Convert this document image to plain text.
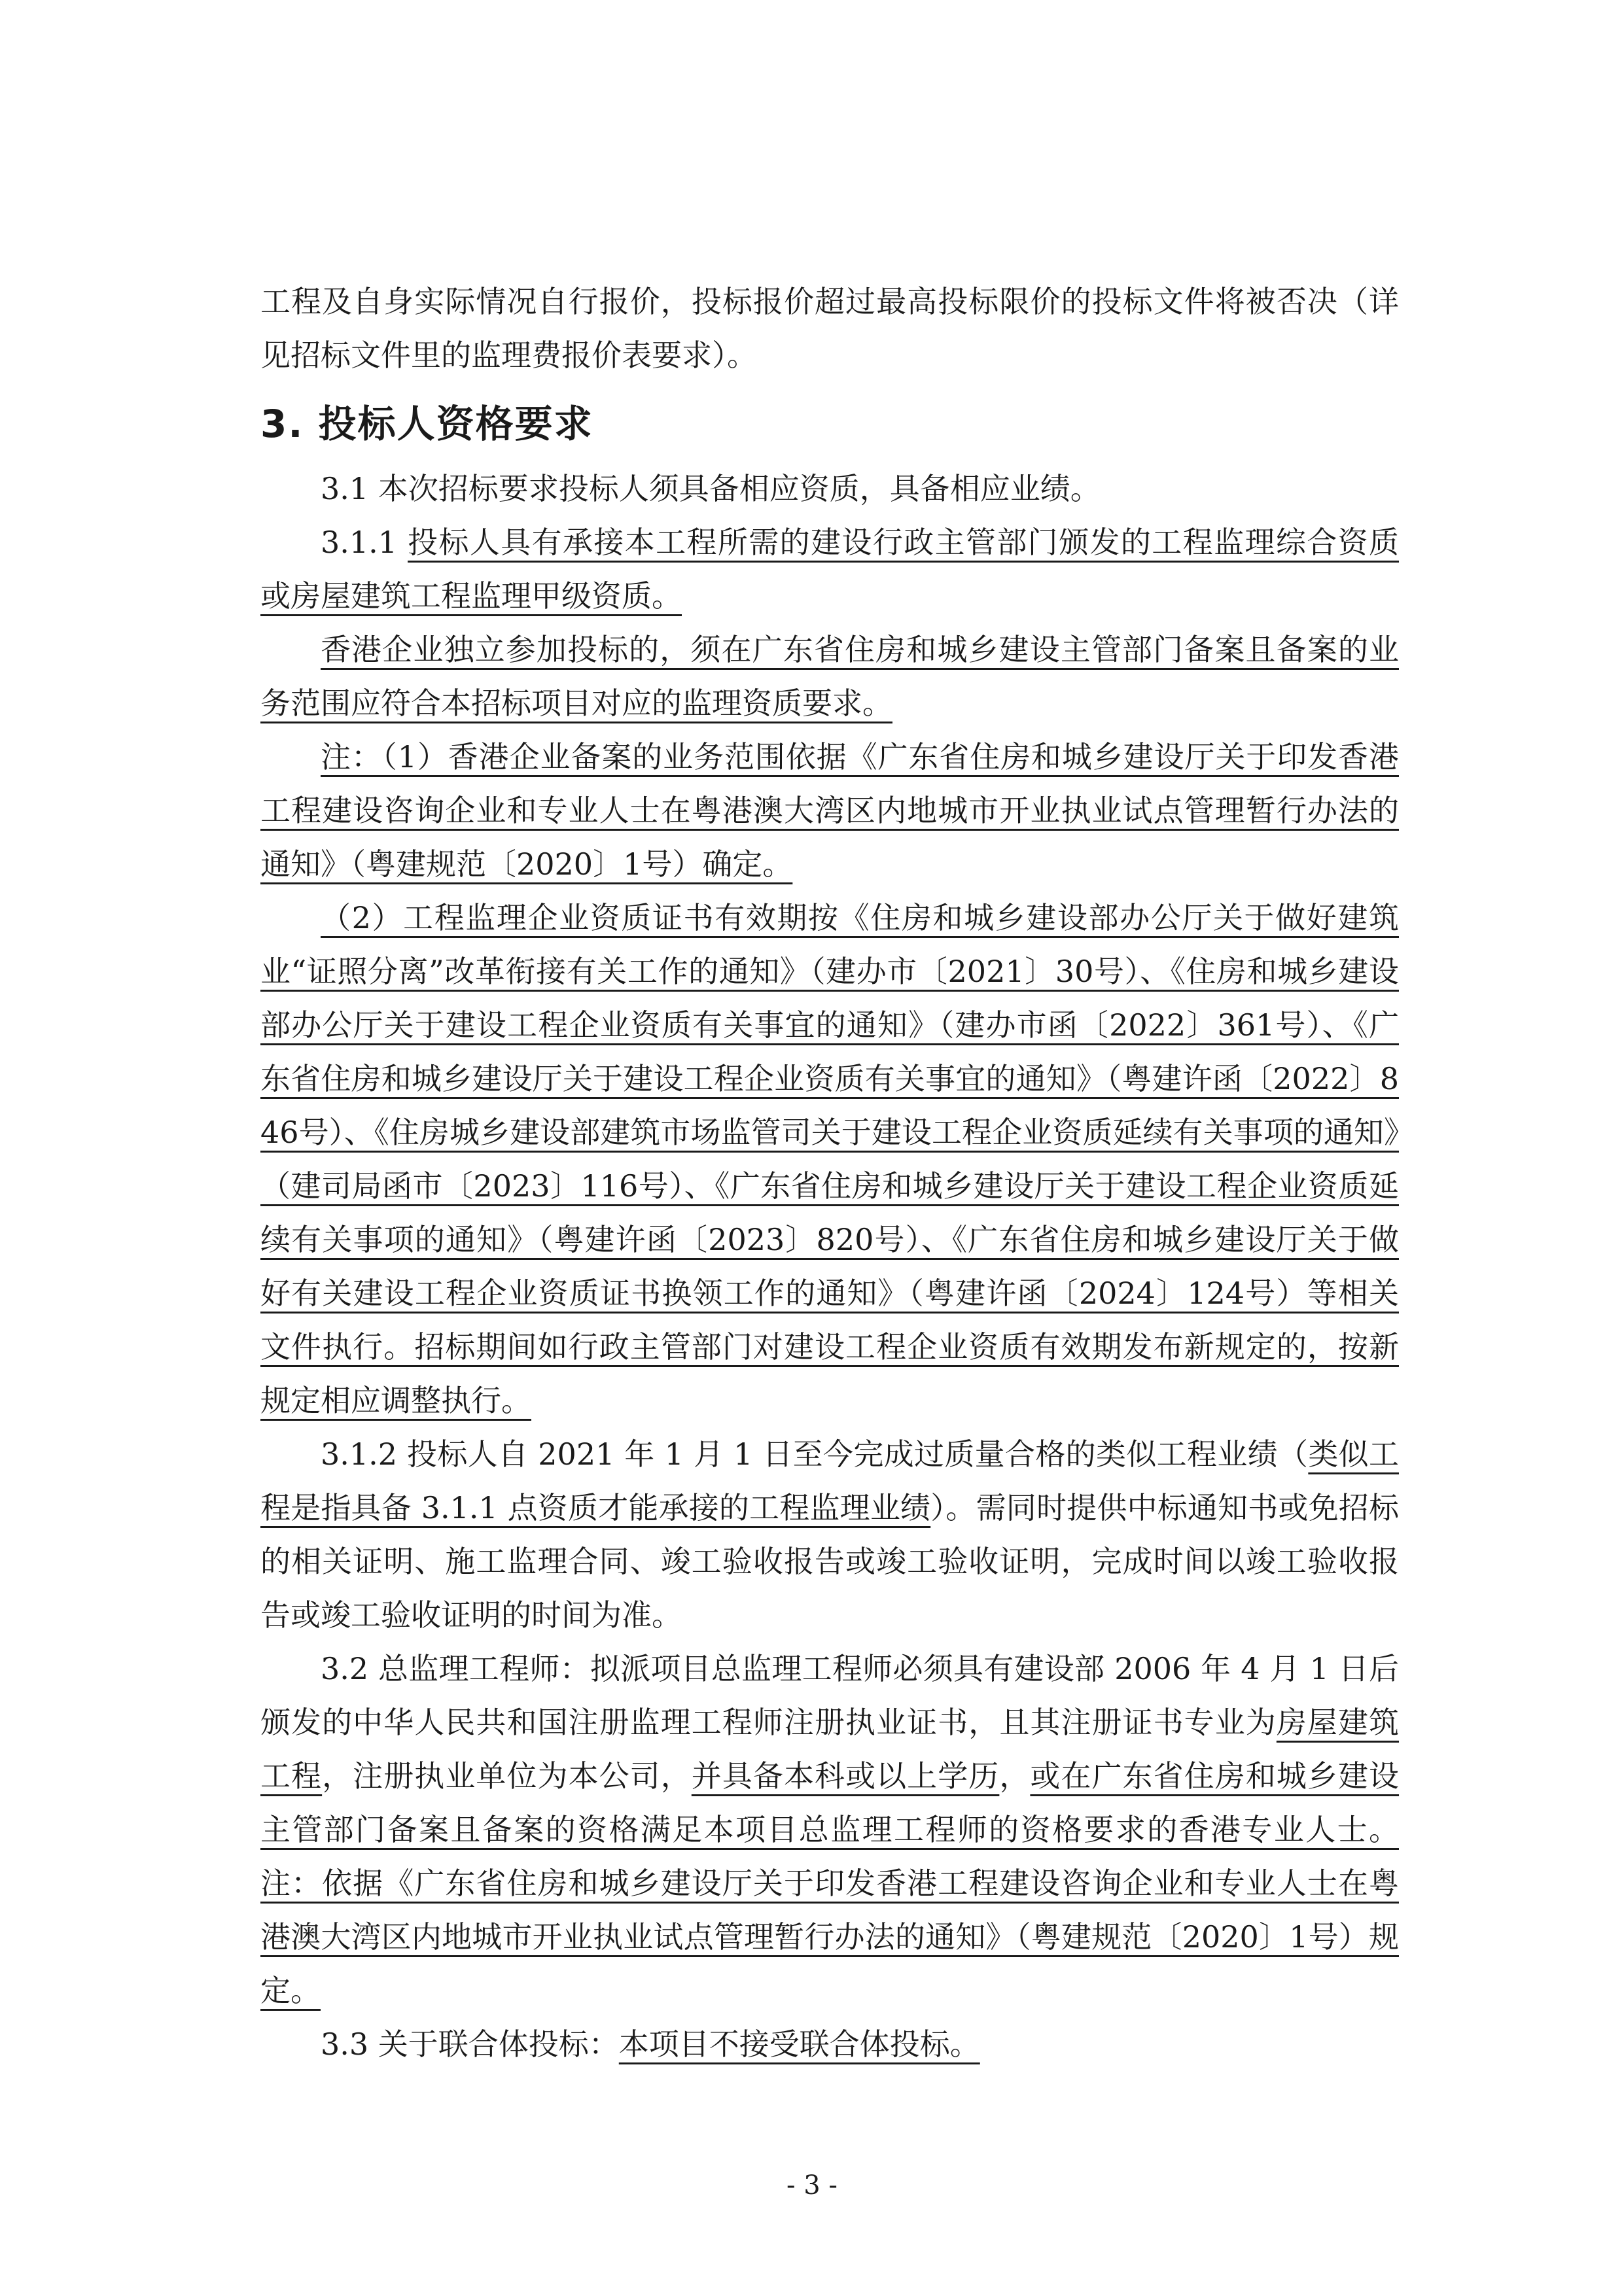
工程及自身实际情况自行报价，投标报价超过最高投标限价的投标文件将被否决（详见招标文件里的监理费报价表要求）。

3. 投标人资格要求

3.1 本次招标要求投标人须具备相应资质，具备相应业绩。

3.1.1 投标人具有承接本工程所需的建设行政主管部门颁发的工程监理综合资质或房屋建筑工程监理甲级资质。

香港企业独立参加投标的，须在广东省住房和城乡建设主管部门备案且备案的业务范围应符合本招标项目对应的监理资质要求。

注：（1）香港企业备案的业务范围依据《广东省住房和城乡建设厅关于印发香港工程建设咨询企业和专业人士在粤港澳大湾区内地城市开业执业试点管理暂行办法的通知》（粤建规范〔2020〕1号）确定。

（2）工程监理企业资质证书有效期按《住房和城乡建设部办公厅关于做好建筑业“证照分离”改革衔接有关工作的通知》（建办市〔2021〕30号）、《住房和城乡建设部办公厅关于建设工程企业资质有关事宜的通知》（建办市函〔2022〕361号）、《广东省住房和城乡建设厅关于建设工程企业资质有关事宜的通知》（粤建许函〔2022〕846号）、《住房城乡建设部建筑市场监管司关于建设工程企业资质延续有关事项的通知》（建司局函市〔2023〕116号）、《广东省住房和城乡建设厅关于建设工程企业资质延续有关事项的通知》（粤建许函〔2023〕820号）、《广东省住房和城乡建设厅关于做好有关建设工程企业资质证书换领工作的通知》（粤建许函〔2024〕124号）等相关文件执行。招标期间如行政主管部门对建设工程企业资质有效期发布新规定的，按新规定相应调整执行。

3.1.2 投标人自 2021 年 1 月 1 日至今完成过质量合格的类似工程业绩（类似工程是指具备 3.1.1 点资质才能承接的工程监理业绩）。需同时提供中标通知书或免招标的相关证明、施工监理合同、竣工验收报告或竣工验收证明，完成时间以竣工验收报告或竣工验收证明的时间为准。

3.2 总监理工程师：拟派项目总监理工程师必须具有建设部 2006 年 4 月 1 日后颁发的中华人民共和国注册监理工程师注册执业证书，且其注册证书专业为房屋建筑工程，注册执业单位为本公司，并具备本科或以上学历，或在广东省住房和城乡建设主管部门备案且备案的资格满足本项目总监理工程师的资格要求的香港专业人士。注：依据《广东省住房和城乡建设厅关于印发香港工程建设咨询企业和专业人士在粤港澳大湾区内地城市开业执业试点管理暂行办法的通知》（粤建规范〔2020〕1号）规定。

3.3 关于联合体投标：本项目不接受联合体投标。

- 3 -
